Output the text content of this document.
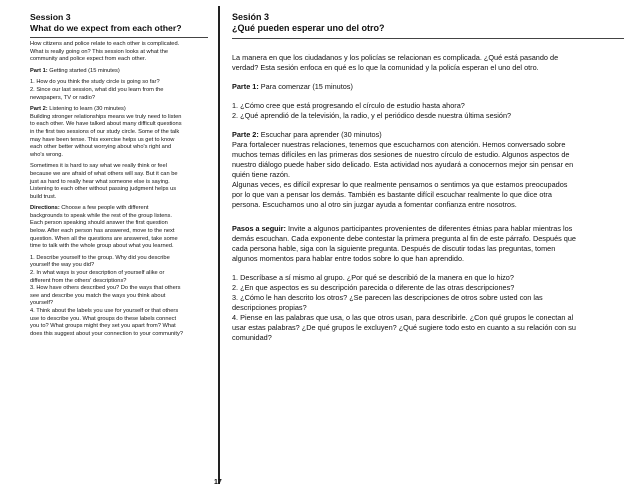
Session 3
What do we expect from each other?
How citizens and police relate to each other is complicated.
What is really going on? This session looks at what the
community and police expect from each other.
Part 1: Getting started (15 minutes)
1. How do you think the study circle is going so far?
2. Since our last session, what did you learn from the
newspapers, TV or radio?
Part 2: Listening to learn (30 minutes)
Building stronger relationships means we truly need to listen
to each other. We have talked about many difficult questions
in the first two sessions of our study circle. Some of the talk
may have been tense. This exercise helps us get to know
each other better without worrying about who's right and
who's wrong.
Sometimes it is hard to say what we really think or feel
because we are afraid of what others will say. But it can be
just as hard to really hear what someone else is saying.
Listening to each other without passing judgment helps us
build trust.
Directions: Choose a few people with different
backgrounds to speak while the rest of the group listens.
Each person speaking should answer the first question
below. After each person has answered, move to the next
question. When all the questions are answered, take some
time to talk with the whole group about what you learned.
1. Describe yourself to the group. Why did you describe
yourself the way you did?
2. In what ways is your description of yourself alike or
different from the others' descriptions?
3. How have others described you? Do the ways that others
see and describe you match the ways you think about
yourself?
4. Think about the labels you use for yourself or that others
use to describe you. What groups do these labels connect
you to? What groups might they set you apart from? What
does this suggest about your connection to your community?
Sesión 3
¿Qué pueden esperar uno del otro?
La manera en que los ciudadanos y los policías se relacionan es complicada. ¿Qué está pasando de
verdad? Esta sesión enfoca en qué es lo que la comunidad y la policía esperan el uno del otro.
Parte 1: Para comenzar (15 minutos)
1. ¿Cómo cree que está progresando el círculo de estudio hasta ahora?
2. ¿Qué aprendió de la televisión, la radio, y el periódico desde nuestra última sesión?
Parte 2: Escuchar para aprender (30 minutos)
Para fortalecer nuestras relaciones, tenemos que escucharnos con atención. Hemos conversado sobre
muchos temas difíciles en las primeras dos sesiones de nuestro círculo de estudio. Algunos aspectos de
nuestro diálogo puede haber sido delicado. Esta actividad nos ayudará a conocernos mejor sin pensar en
quién tiene razón.
Algunas veces, es difícil expresar lo que realmente pensamos o sentimos ya que estamos preocupados
por lo que van a pensar los demás. También es bastante difícil escuchar realmente lo que dice otra
persona. Escuchamos uno al otro sin juzgar ayuda a fomentar confianza entre nosotros.
Pasos a seguir: Invite a algunos participantes provenientes de diferentes étnias para hablar mientras los
demás escuchan. Cada exponente debe contestar la primera pregunta al fin de este párrafo. Después que
cada persona hable, siga con la siguiente pregunta. Después de discutir todas las preguntas, tomen
algunos momentos para hablar entre todos sobre lo que han aprendido.
1. Descríbase a sí mismo al grupo. ¿Por qué se describió de la manera en que lo hizo?
2. ¿En que aspectos es su descripción parecida o diferente de las otras descripciones?
3. ¿Cómo le han descrito los otros? ¿Se parecen las descripciones de otros sobre usted con las
descripciones propias?
4. Piense en las palabras que usa, o las que otros usan, para describirle. ¿Con qué grupos le conectan al
usar estas palabras? ¿De qué grupos le excluyen? ¿Qué sugiere todo esto en cuanto a su relación con su
comunidad?
17
